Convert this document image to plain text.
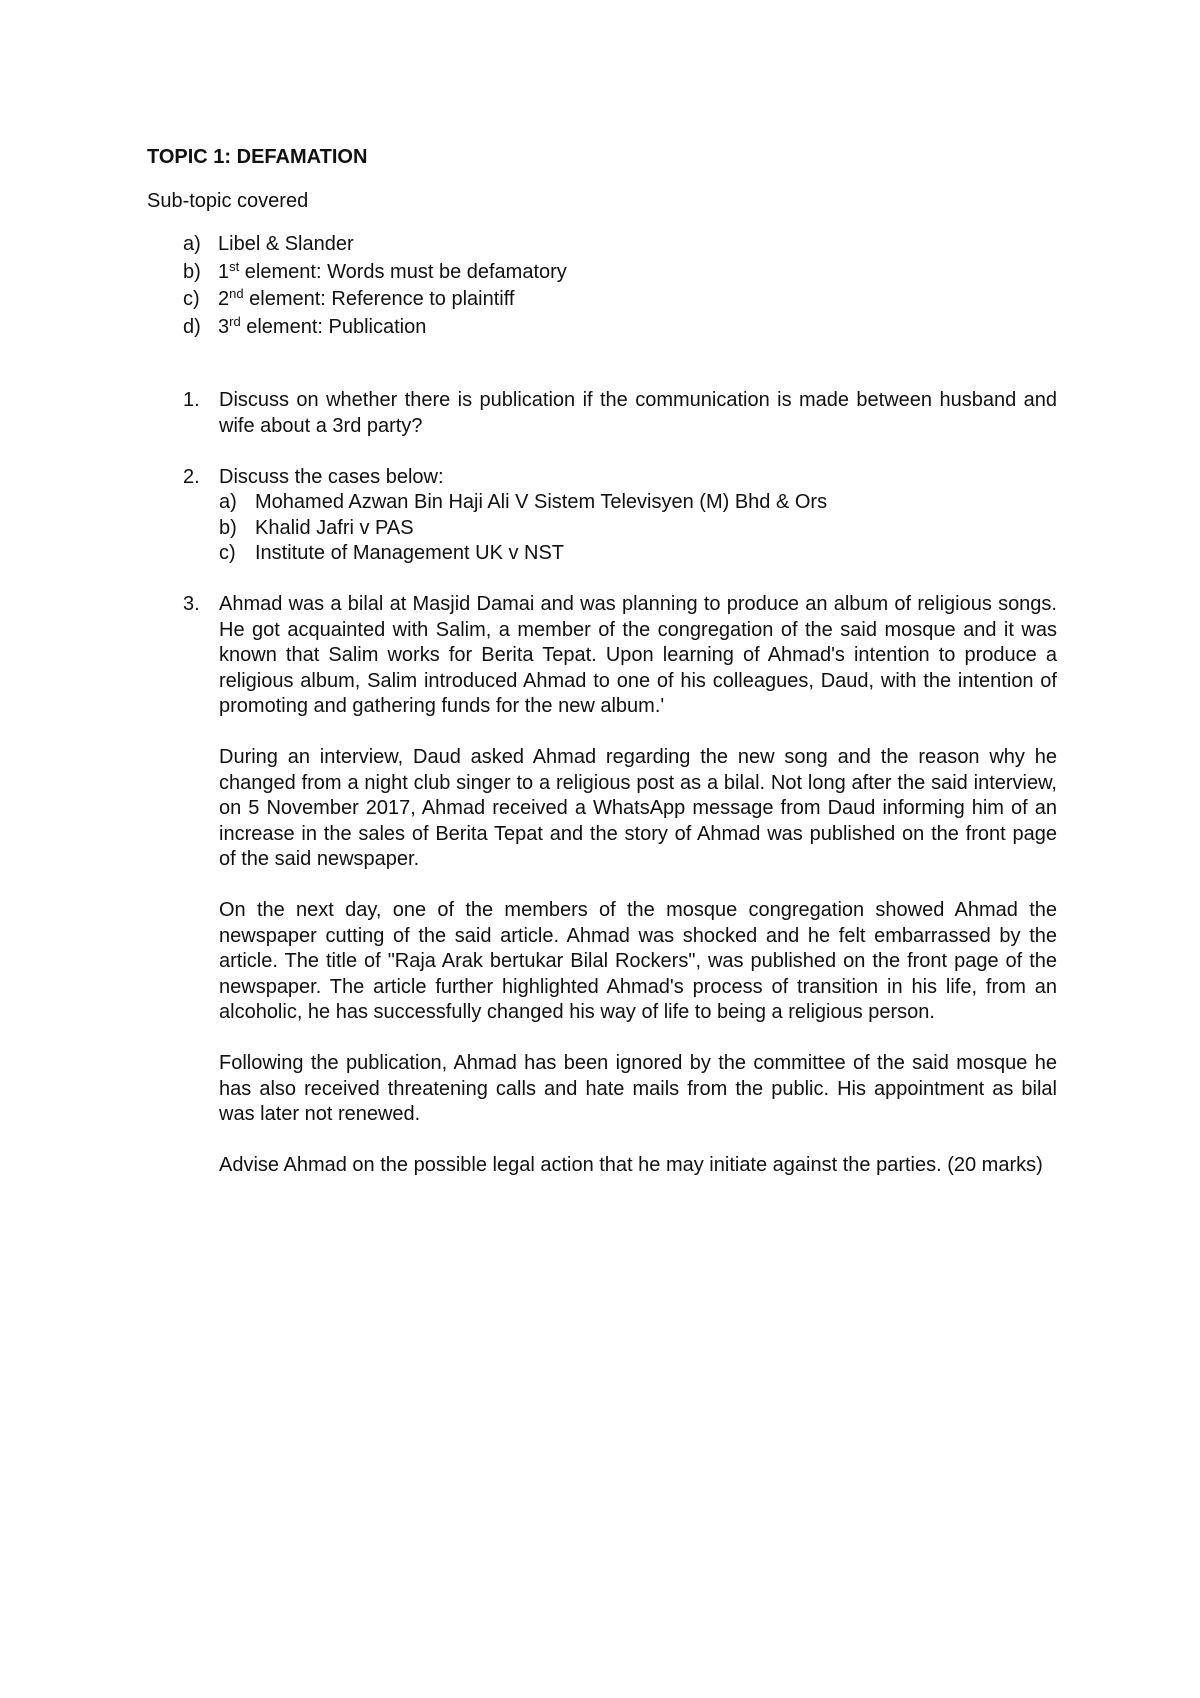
TOPIC 1: DEFAMATION

Sub-topic covered

a) Libel & Slander
b) 1st element: Words must be defamatory
c) 2nd element: Reference to plaintiff
d) 3rd element: Publication
1. Discuss on whether there is publication if the communication is made between husband and wife about a 3rd party?

2. Discuss the cases below:

a) Mohamed Azwan Bin Haji Ali V Sistem Televisyen (M) Bhd & Ors
b) Khalid Jafri v PAS
c) Institute of Management UK v NST
3. Ahmad was a bilal at Masjid Damai and was planning to produce an album of religious songs. He got acquainted with Salim, a member of the congregation of the said mosque and it was known that Salim works for Berita Tepat. Upon learning of Ahmad's intention to produce a religious album, Salim introduced Ahmad to one of his colleagues, Daud, with the intention of promoting and gathering funds for the new album.'

During an interview, Daud asked Ahmad regarding the new song and the reason why he changed from a night club singer to a religious post as a bilal. Not long after the said interview, on 5 November 2017, Ahmad received a WhatsApp message from Daud informing him of an increase in the sales of Berita Tepat and the story of Ahmad was published on the front page of the said newspaper.

On the next day, one of the members of the mosque congregation showed Ahmad the newspaper cutting of the said article. Ahmad was shocked and he felt embarrassed by the article. The title of "Raja Arak bertukar Bilal Rockers", was published on the front page of the newspaper. The article further highlighted Ahmad's process of transition in his life, from an alcoholic, he has successfully changed his way of life to being a religious person.

Following the publication, Ahmad has been ignored by the committee of the said mosque he has also received threatening calls and hate mails from the public. His appointment as bilal was later not renewed.

Advise Ahmad on the possible legal action that he may initiate against the parties. (20 marks)
